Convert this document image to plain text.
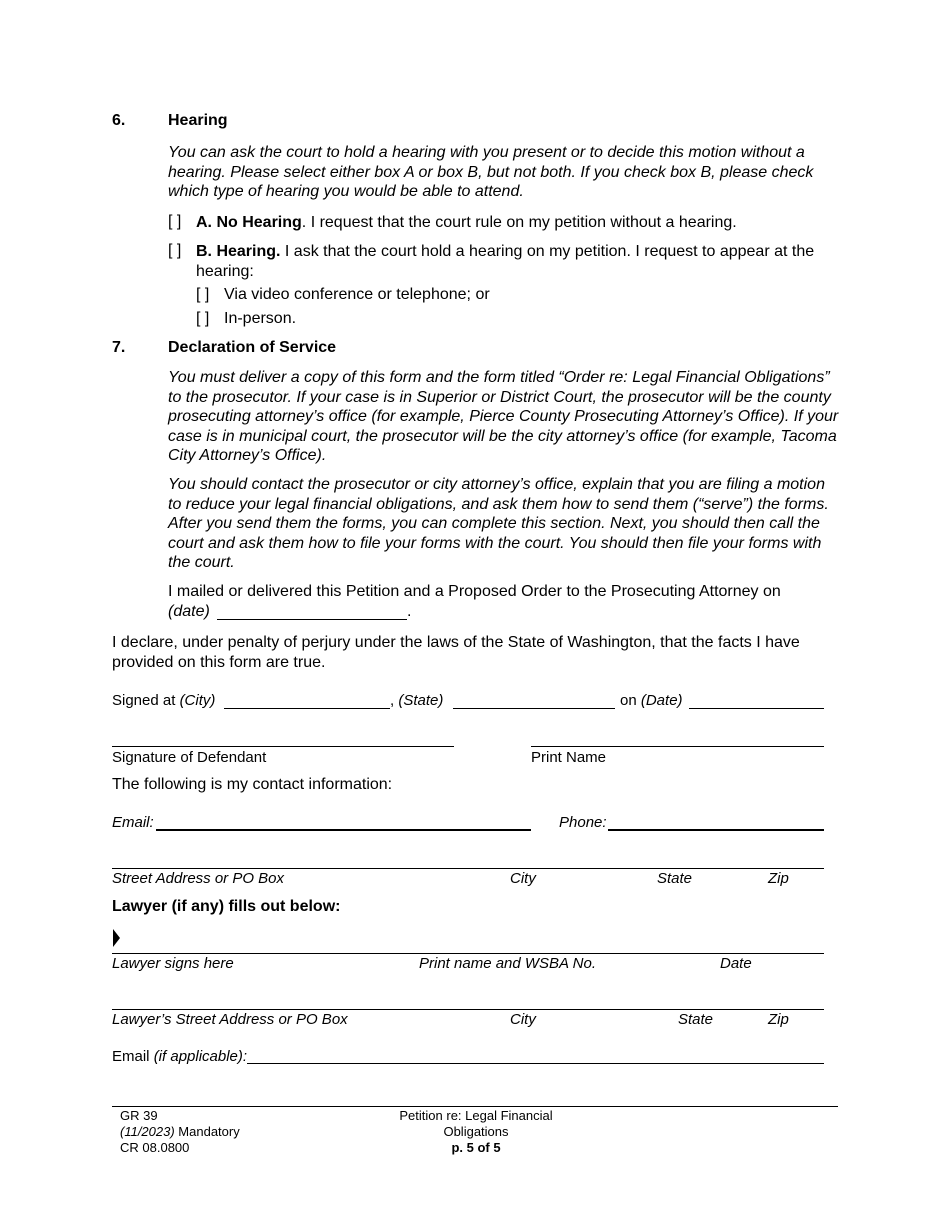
6.	Hearing
You can ask the court to hold a hearing with you present or to decide this motion without a hearing. Please select either box A or box B, but not both. If you check box B, please check which type of hearing you would be able to attend.
[ ] A. No Hearing. I request that the court rule on my petition without a hearing.
[ ] B. Hearing. I ask that the court hold a hearing on my petition. I request to appear at the hearing:
[ ] Via video conference or telephone; or
[ ] In-person.
7.	Declaration of Service
You must deliver a copy of this form and the form titled “Order re: Legal Financial Obligations” to the prosecutor. If your case is in Superior or District Court, the prosecutor will be the county prosecuting attorney’s office (for example, Pierce County Prosecuting Attorney’s Office). If your case is in municipal court, the prosecutor will be the city attorney’s office (for example, Tacoma City Attorney’s Office).
You should contact the prosecutor or city attorney’s office, explain that you are filing a motion to reduce your legal financial obligations, and ask them how to send them (“serve”) the forms. After you send them the forms, you can complete this section. Next, you should then call the court and ask them how to file your forms with the court. You should then file your forms with the court.
I mailed or delivered this Petition and a Proposed Order to the Prosecuting Attorney on
(date)	.
I declare, under penalty of perjury under the laws of the State of Washington, that the facts I have provided on this form are true.
Signed at (City)	, (State)	on (Date)
Signature of Defendant	Print Name
The following is my contact information:
Email:	Phone:
Street Address or PO Box	City	State	Zip
Lawyer (if any) fills out below:
Lawyer signs here	Print name and WSBA No.	Date
Lawyer’s Street Address or PO Box	City	State	Zip
Email (if applicable):
GR 39
(11/2023) Mandatory
CR 08.0800
Petition re: Legal Financial
Obligations
p. 5 of 5
